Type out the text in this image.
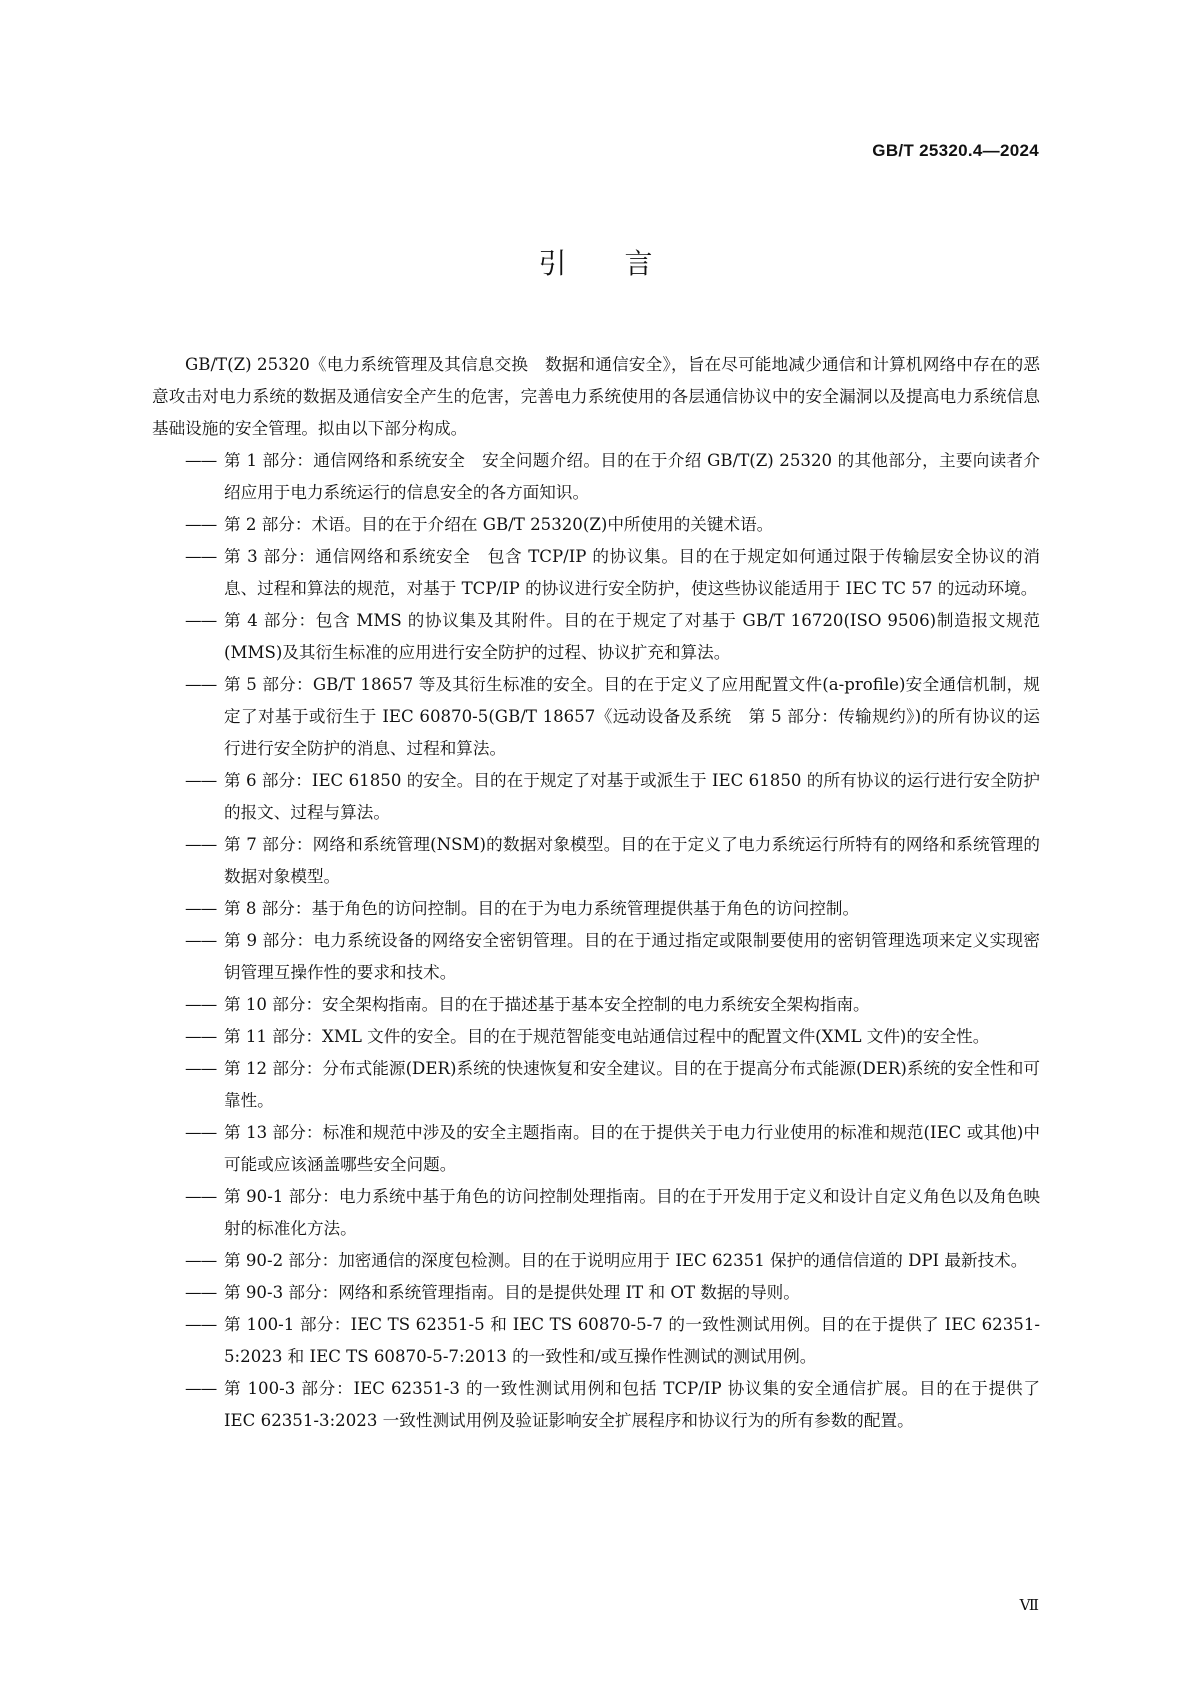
GB/T 25320.4—2024
引言

GB/T(Z) 25320《电力系统管理及其信息交换　数据和通信安全》，旨在尽可能地减少通信和计算机网络中存在的恶意攻击对电力系统的数据及通信安全产生的危害，完善电力系统使用的各层通信协议中的安全漏洞以及提高电力系统信息基础设施的安全管理。拟由以下部分构成。

—— 第 1 部分：通信网络和系统安全　安全问题介绍。目的在于介绍 GB/T(Z) 25320 的其他部分，主要向读者介绍应用于电力系统运行的信息安全的各方面知识。
—— 第 2 部分：术语。目的在于介绍在 GB/T 25320(Z)中所使用的关键术语。
—— 第 3 部分：通信网络和系统安全　包含 TCP/IP 的协议集。目的在于规定如何通过限于传输层安全协议的消息、过程和算法的规范，对基于 TCP/IP 的协议进行安全防护，使这些协议能适用于 IEC TC 57 的远动环境。
—— 第 4 部分：包含 MMS 的协议集及其附件。目的在于规定了对基于 GB/T 16720(ISO 9506)制造报文规范(MMS)及其衍生标准的应用进行安全防护的过程、协议扩充和算法。
—— 第 5 部分：GB/T 18657 等及其衍生标准的安全。目的在于定义了应用配置文件(a-profile)安全通信机制，规定了对基于或衍生于 IEC 60870-5(GB/T 18657《远动设备及系统　第 5 部分：传输规约》)的所有协议的运行进行安全防护的消息、过程和算法。
—— 第 6 部分：IEC 61850 的安全。目的在于规定了对基于或派生于 IEC 61850 的所有协议的运行进行安全防护的报文、过程与算法。
—— 第 7 部分：网络和系统管理(NSM)的数据对象模型。目的在于定义了电力系统运行所特有的网络和系统管理的数据对象模型。
—— 第 8 部分：基于角色的访问控制。目的在于为电力系统管理提供基于角色的访问控制。
—— 第 9 部分：电力系统设备的网络安全密钥管理。目的在于通过指定或限制要使用的密钥管理选项来定义实现密钥管理互操作性的要求和技术。
—— 第 10 部分：安全架构指南。目的在于描述基于基本安全控制的电力系统安全架构指南。
—— 第 11 部分：XML 文件的安全。目的在于规范智能变电站通信过程中的配置文件(XML 文件)的安全性。
—— 第 12 部分：分布式能源(DER)系统的快速恢复和安全建议。目的在于提高分布式能源(DER)系统的安全性和可靠性。
—— 第 13 部分：标准和规范中涉及的安全主题指南。目的在于提供关于电力行业使用的标准和规范(IEC 或其他)中可能或应该涵盖哪些安全问题。
—— 第 90-1 部分：电力系统中基于角色的访问控制处理指南。目的在于开发用于定义和设计自定义角色以及角色映射的标准化方法。
—— 第 90-2 部分：加密通信的深度包检测。目的在于说明应用于 IEC 62351 保护的通信信道的 DPI 最新技术。
—— 第 90-3 部分：网络和系统管理指南。目的是提供处理 IT 和 OT 数据的导则。
—— 第 100-1 部分：IEC TS 62351-5 和 IEC TS 60870-5-7 的一致性测试用例。目的在于提供了 IEC 62351-5:2023 和 IEC TS 60870-5-7:2013 的一致性和/或互操作性测试的测试用例。
—— 第 100-3 部分：IEC 62351-3 的一致性测试用例和包括 TCP/IP 协议集的安全通信扩展。目的在于提供了 IEC 62351-3:2023 一致性测试用例及验证影响安全扩展程序和协议行为的所有参数的配置。
Ⅶ
